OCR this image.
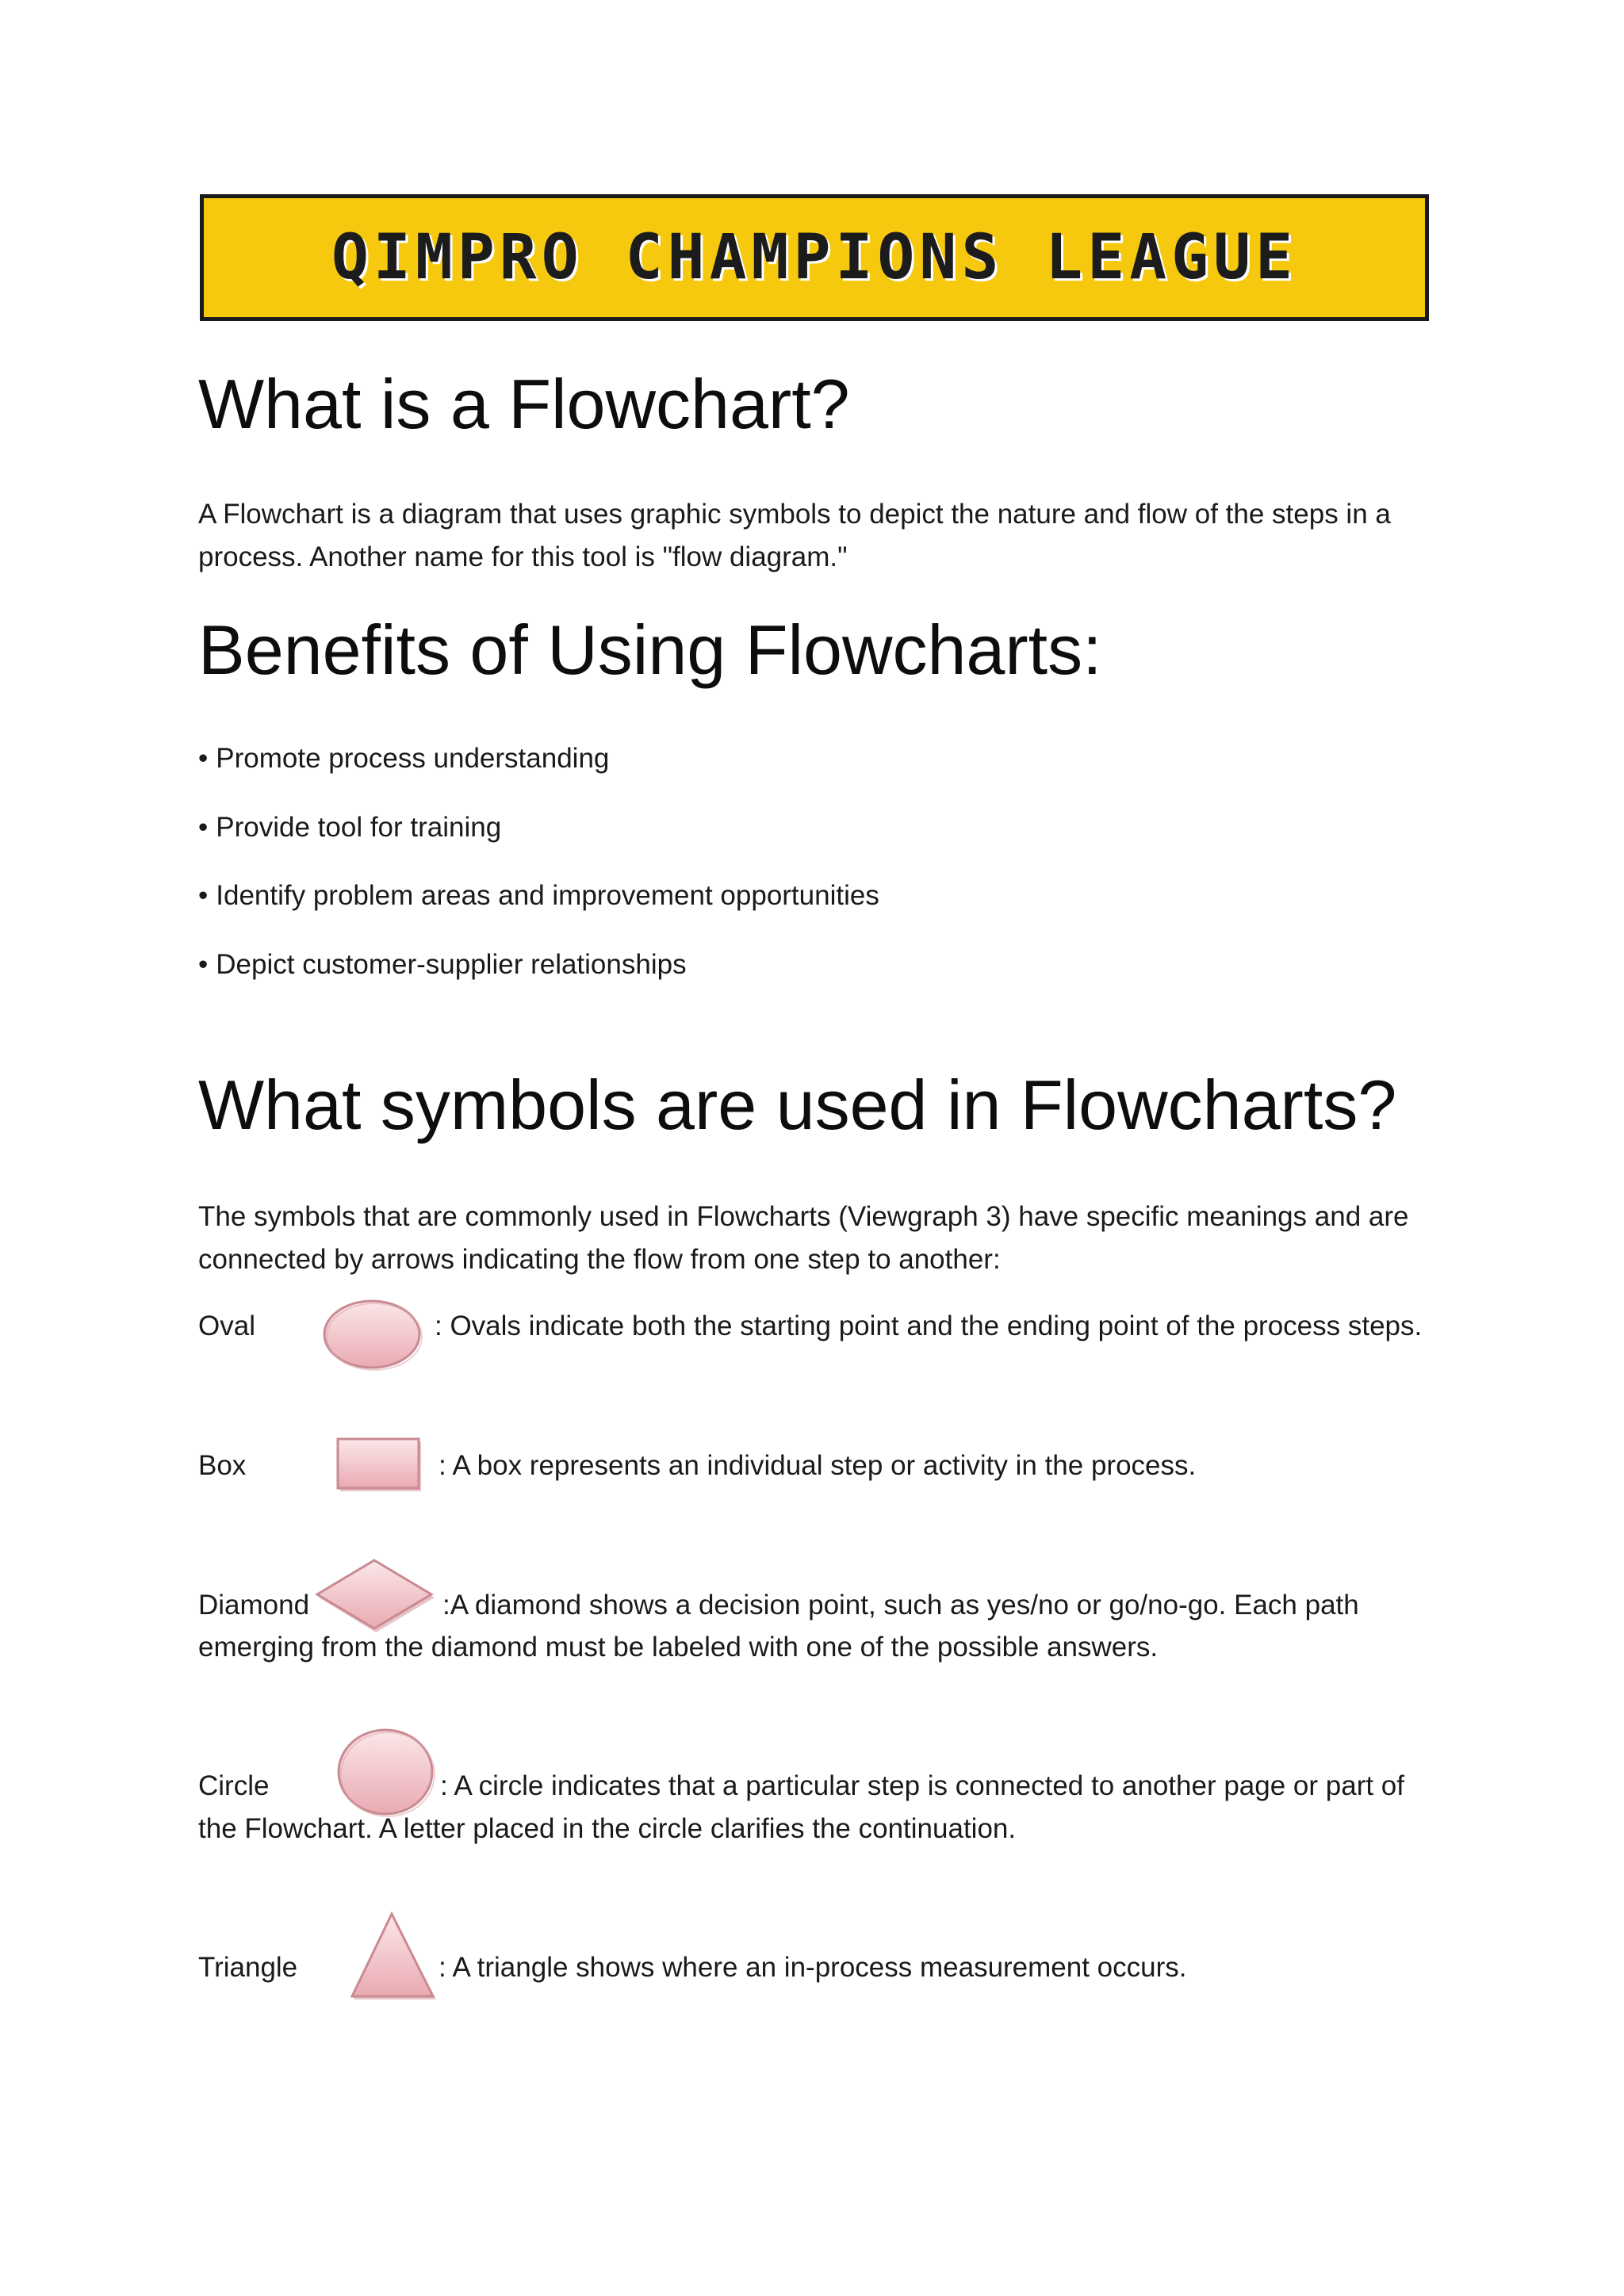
QIMPRO CHAMPIONS LEAGUE
What is a Flowchart?
A Flowchart is a diagram that uses graphic symbols to depict the nature and flow of the steps in a
process. Another name for this tool is "flow diagram."
Benefits of Using Flowcharts:
• Promote process understanding
• Provide tool for training
• Identify problem areas and improvement opportunities
• Depict customer-supplier relationships
What symbols are used in Flowcharts?
The symbols that are commonly used in Flowcharts (Viewgraph 3) have specific meanings and are
connected by arrows indicating the flow from one step to another:
Oval	: Ovals indicate both the starting point and the ending point of the process steps.
Box	: A box represents an individual step or activity in the process.
Diamond	:A diamond shows a decision point, such as yes/no or go/no-go. Each path
emerging from the diamond must be labeled with one of the possible answers.
Circle	: A circle indicates that a particular step is connected to another page or part of
the Flowchart. A letter placed in the circle clarifies the continuation.
Triangle	: A triangle shows where an in-process measurement occurs.
